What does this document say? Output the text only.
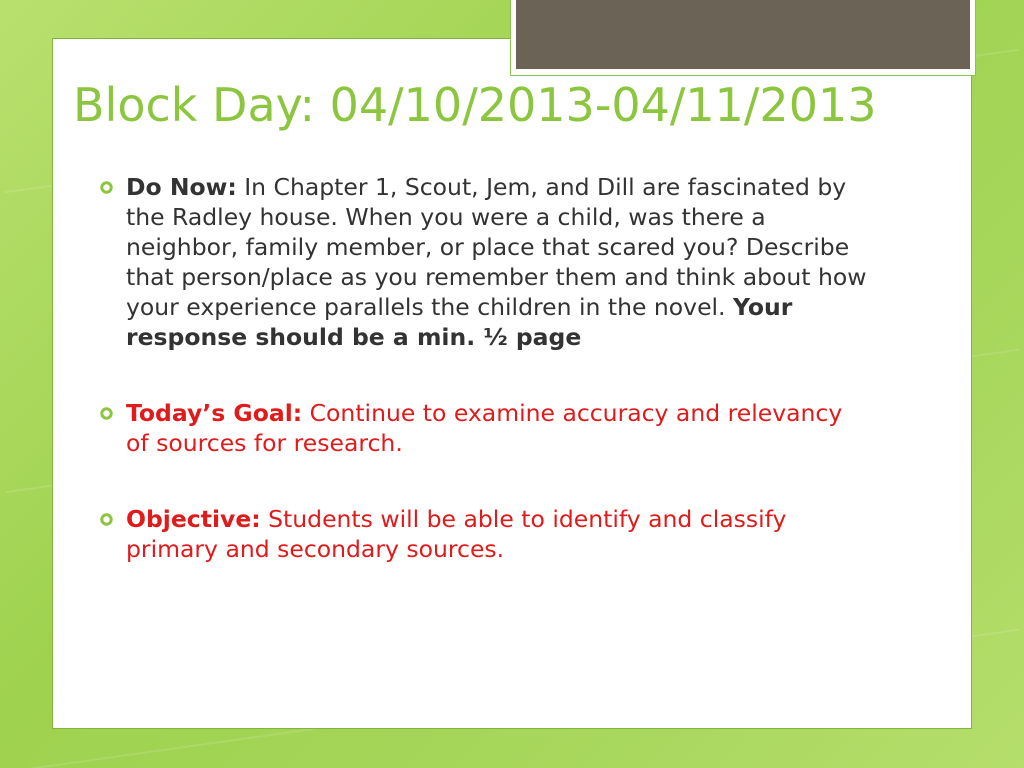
Block Day: 04/10/2013-04/11/2013
Do Now: In Chapter 1, Scout, Jem, and Dill are fascinated by the Radley house. When you were a child, was there a neighbor, family member, or place that scared you? Describe that person/place as you remember them and think about how your experience parallels the children in the novel. Your response should be a min. ½ page
Today’s Goal: Continue to examine accuracy and relevancy of sources for research.
Objective: Students will be able to identify and classify primary and secondary sources.
